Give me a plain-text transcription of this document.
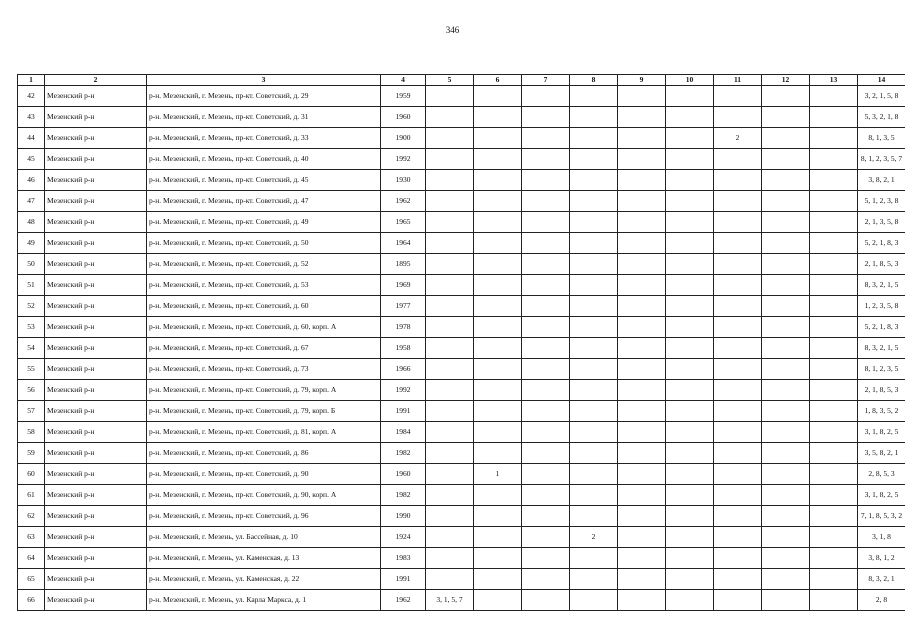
346
1	2	3	4	5	6	7	8	9	10	11	12	13	14
42	Мезенский р-н	р-н. Мезенский, г. Мезень, пр-кт. Советский, д. 29	1959										3, 2, 1, 5, 8
43	Мезенский р-н	р-н. Мезенский, г. Мезень, пр-кт. Советский, д. 31	1960										5, 3, 2, 1, 8
44	Мезенский р-н	р-н. Мезенский, г. Мезень, пр-кт. Советский, д. 33	1900							2			8, 1, 3, 5
45	Мезенский р-н	р-н. Мезенский, г. Мезень, пр-кт. Советский, д. 40	1992										8, 1, 2, 3, 5, 7
46	Мезенский р-н	р-н. Мезенский, г. Мезень, пр-кт. Советский, д. 45	1930										3, 8, 2, 1
47	Мезенский р-н	р-н. Мезенский, г. Мезень, пр-кт. Советский, д. 47	1962										5, 1, 2, 3, 8
48	Мезенский р-н	р-н. Мезенский, г. Мезень, пр-кт. Советский, д. 49	1965										2, 1, 3, 5, 8
49	Мезенский р-н	р-н. Мезенский, г. Мезень, пр-кт. Советский, д. 50	1964										5, 2, 1, 8, 3
50	Мезенский р-н	р-н. Мезенский, г. Мезень, пр-кт. Советский, д. 52	1895										2, 1, 8, 5, 3
51	Мезенский р-н	р-н. Мезенский, г. Мезень, пр-кт. Советский, д. 53	1969										8, 3, 2, 1, 5
52	Мезенский р-н	р-н. Мезенский, г. Мезень, пр-кт. Советский, д. 60	1977										1, 2, 3, 5, 8
53	Мезенский р-н	р-н. Мезенский, г. Мезень, пр-кт. Советский, д. 60, корп. А	1978										5, 2, 1, 8, 3
54	Мезенский р-н	р-н. Мезенский, г. Мезень, пр-кт. Советский, д. 67	1958										8, 3, 2, 1, 5
55	Мезенский р-н	р-н. Мезенский, г. Мезень, пр-кт. Советский, д. 73	1966										8, 1, 2, 3, 5
56	Мезенский р-н	р-н. Мезенский, г. Мезень, пр-кт. Советский, д. 79, корп. А	1992										2, 1, 8, 5, 3
57	Мезенский р-н	р-н. Мезенский, г. Мезень, пр-кт. Советский, д. 79, корп. Б	1991										1, 8, 3, 5, 2
58	Мезенский р-н	р-н. Мезенский, г. Мезень, пр-кт. Советский, д. 81, корп. А	1984										3, 1, 8, 2, 5
59	Мезенский р-н	р-н. Мезенский, г. Мезень, пр-кт. Советский, д. 86	1982										3, 5, 8, 2, 1
60	Мезенский р-н	р-н. Мезенский, г. Мезень, пр-кт. Советский, д. 90	1960		1								2, 8, 5, 3
61	Мезенский р-н	р-н. Мезенский, г. Мезень, пр-кт. Советский, д. 90, корп. А	1982										3, 1, 8, 2, 5
62	Мезенский р-н	р-н. Мезенский, г. Мезень, пр-кт. Советский, д. 96	1990										7, 1, 8, 5, 3, 2
63	Мезенский р-н	р-н. Мезенский, г. Мезень, ул. Бассейная, д. 10	1924				2						3, 1, 8
64	Мезенский р-н	р-н. Мезенский, г. Мезень, ул. Каменская, д. 13	1983										3, 8, 1, 2
65	Мезенский р-н	р-н. Мезенский, г. Мезень, ул. Каменская, д. 22	1991										8, 3, 2, 1
66	Мезенский р-н	р-н. Мезенский, г. Мезень, ул. Карла Маркса, д. 1	1962	3, 1, 5, 7									2, 8
